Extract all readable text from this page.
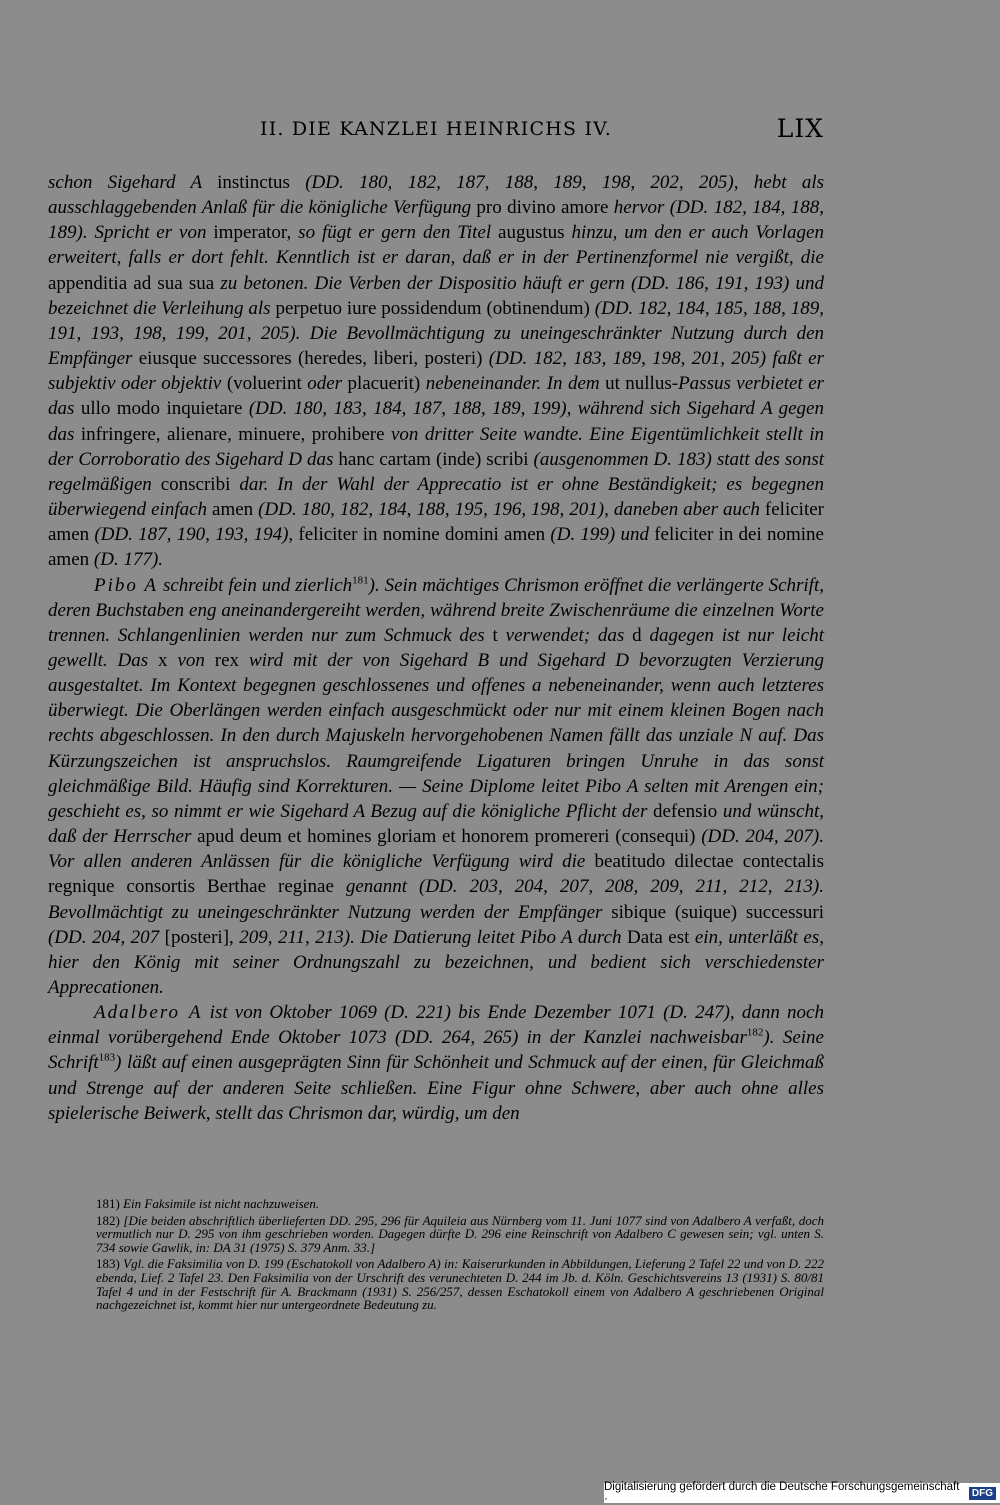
II. DIE KANZLEI HEINRICHS IV.	LIX

schon Sigehard A instinctus (DD. 180, 182, 187, 188, 189, 198, 202, 205), hebt als ausschlaggebenden Anlaß für die königliche Verfügung pro divino amore hervor (DD. 182, 184, 188, 189). Spricht er von imperator, so fügt er gern den Titel augustus hinzu, um den er auch Vorlagen erweitert, falls er dort fehlt. Kenntlich ist er daran, daß er in der Pertinenzformel nie vergißt, die appenditia ad sua sua zu betonen. Die Verben der Dispositio häuft er gern (DD. 186, 191, 193) und bezeichnet die Verleihung als perpetuo iure possidendum (obtinendum) (DD. 182, 184, 185, 188, 189, 191, 193, 198, 199, 201, 205). Die Bevollmächtigung zu uneingeschränkter Nutzung durch den Empfänger eiusque successores (heredes, liberi, posteri) (DD. 182, 183, 189, 198, 201, 205) faßt er subjektiv oder objektiv (voluerint oder placuerit) nebeneinander. In dem ut nullus-Passus verbietet er das ullo modo inquietare (DD. 180, 183, 184, 187, 188, 189, 199), während sich Sigehard A gegen das infringere, alienare, minuere, prohibere von dritter Seite wandte. Eine Eigentümlichkeit stellt in der Corroboratio des Sigehard D das hanc cartam (inde) scribi (ausgenommen D. 183) statt des sonst regelmäßigen conscribi dar. In der Wahl der Apprecatio ist er ohne Beständigkeit; es begegnen überwiegend einfach amen (DD. 180, 182, 184, 188, 195, 196, 198, 201), daneben aber auch feliciter amen (DD. 187, 190, 193, 194), feliciter in nomine domini amen (D. 199) und feliciter in dei nomine amen (D. 177).

Pibo A schreibt fein und zierlich$^{181}$). Sein mächtiges Chrismon eröffnet die verlängerte Schrift, deren Buchstaben eng aneinandergereiht werden, während breite Zwischenräume die einzelnen Worte trennen. Schlangenlinien werden nur zum Schmuck des t verwendet; das d dagegen ist nur leicht gewellt. Das x von rex wird mit der von Sigehard B und Sigehard D bevorzugten Verzierung ausgestaltet. Im Kontext begegnen geschlossenes und offenes a nebeneinander, wenn auch letzteres überwiegt. Die Oberlängen werden einfach ausgeschmückt oder nur mit einem kleinen Bogen nach rechts abgeschlossen. In den durch Majuskeln hervorgehobenen Namen fällt das unziale N auf. Das Kürzungszeichen ist anspruchslos. Raumgreifende Ligaturen bringen Unruhe in das sonst gleichmäßige Bild. Häufig sind Korrekturen. — Seine Diplome leitet Pibo A selten mit Arengen ein; geschieht es, so nimmt er wie Sigehard A Bezug auf die königliche Pflicht der defensio und wünscht, daß der Herrscher apud deum et homines gloriam et honorem promereri (consequi) (DD. 204, 207). Vor allen anderen Anlässen für die königliche Verfügung wird die beatitudo dilectae contectalis regnique consortis Berthae reginae genannt (DD. 203, 204, 207, 208, 209, 211, 212, 213). Bevollmächtigt zu uneingeschränkter Nutzung werden der Empfänger sibique (suique) successuri (DD. 204, 207 [posteri], 209, 211, 213). Die Datierung leitet Pibo A durch Data est ein, unterläßt es, hier den König mit seiner Ordnungszahl zu bezeichnen, und bedient sich verschiedenster Apprecationen.

Adalbero A ist von Oktober 1069 (D. 221) bis Ende Dezember 1071 (D. 247), dann noch einmal vorübergehend Ende Oktober 1073 (DD. 264, 265) in der Kanzlei nachweisbar$^{182}$). Seine Schrift$^{183}$) läßt auf einen ausgeprägten Sinn für Schönheit und Schmuck auf der einen, für Gleichmaß und Strenge auf der anderen Seite schließen. Eine Figur ohne Schwere, aber auch ohne alles spielerische Beiwerk, stellt das Chrismon dar, würdig, um den

181) Ein Faksimile ist nicht nachzuweisen.

182) [Die beiden abschriftlich überlieferten DD. 295, 296 für Aquileia aus Nürnberg vom 11. Juni 1077 sind von Adalbero A verfaßt, doch vermutlich nur D. 295 von ihm geschrieben worden. Dagegen dürfte D. 296 eine Reinschrift von Adalbero C gewesen sein; vgl. unten S. 734 sowie Gawlik, in: DA 31 (1975) S. 379 Anm. 33.]

183) Vgl. die Faksimilia von D. 199 (Eschatokoll von Adalbero A) in: Kaiserurkunden in Abbildungen, Lieferung 2 Tafel 22 und von D. 222 ebenda, Lief. 2 Tafel 23. Den Faksimilia von der Urschrift des verunechteten D. 244 im Jb. d. Köln. Geschichtsvereins 13 (1931) S. 80/81 Tafel 4 und in der Festschrift für A. Brackmann (1931) S. 256/257, dessen Eschatokoll einem von Adalbero A geschriebenen Original nachgezeichnet ist, kommt hier nur untergeordnete Bedeutung zu.

Digitalisierung gefördert durch die Deutsche Forschungsgemeinschaft ·	DFG
